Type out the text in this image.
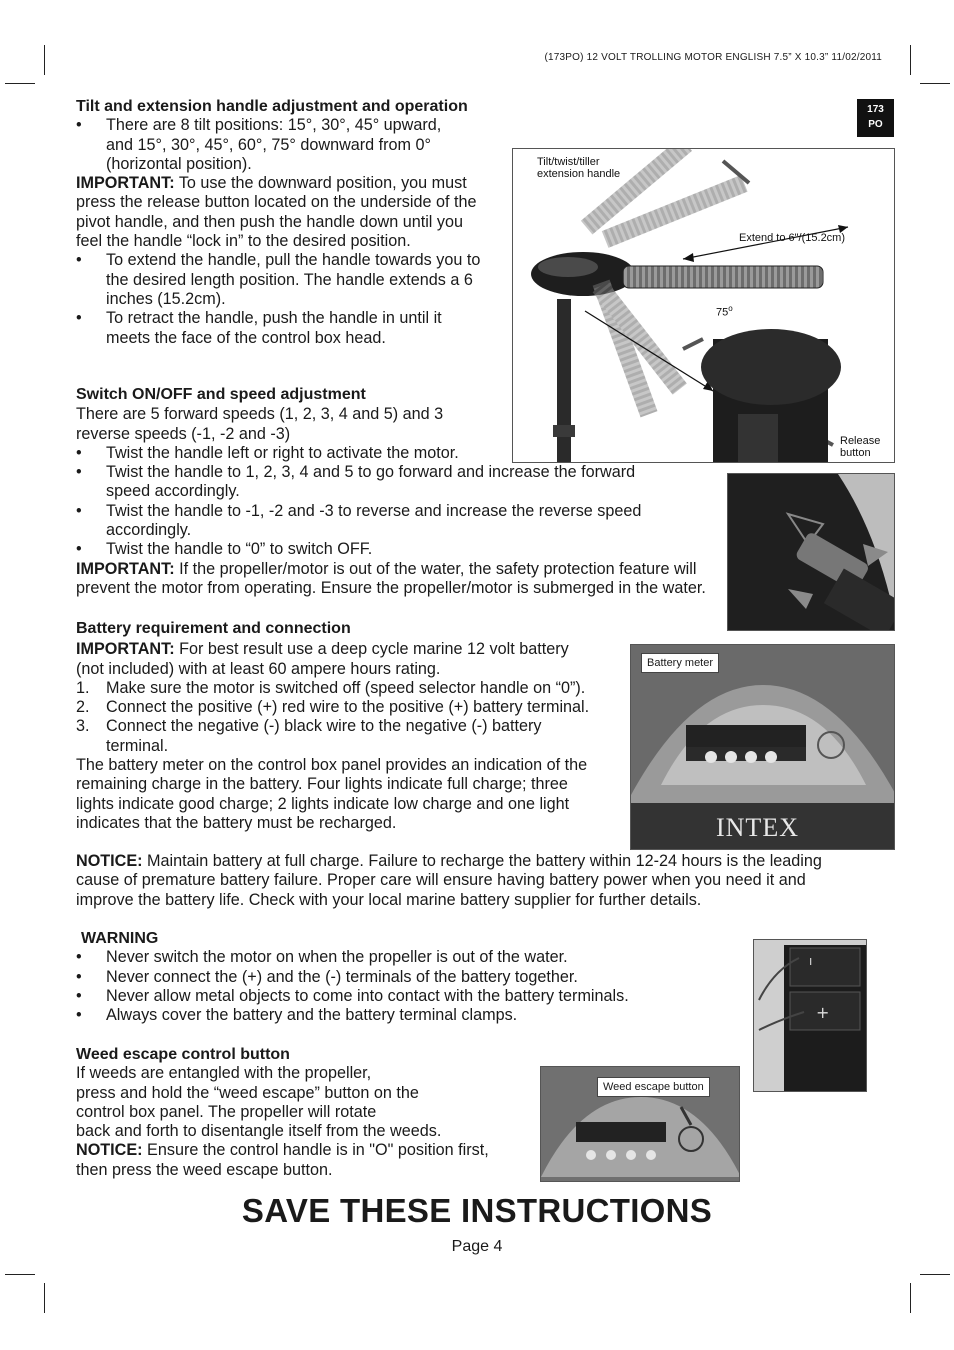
(173PO) 12 VOLT TROLLING MOTOR ENGLISH 7.5” X 10.3” 11/02/2011
173
PO
Tilt and extension handle adjustment and operation
• There are 8 tilt positions: 15°, 30°, 45° upward,
and 15°, 30°, 45°, 60°, 75° downward from 0°
(horizontal position).
IMPORTANT: To use the downward position, you must
press the release button located on the underside of the
pivot handle, and then push the handle down until you
feel the handle “lock in” to the desired position.
• To extend the handle, pull the handle towards you to
the desired length position. The handle extends a 6
inches (15.2cm).
• To retract the handle, push the handle in until it
meets the face of the control box head.
Tilt/twist/tiller
extension handle
Extend to 6"/(15.2cm)
75$^o$
Release
button
Switch ON/OFF and speed adjustment
There are 5 forward speeds (1, 2, 3, 4 and 5) and 3
reverse speeds (-1, -2 and -3)
• Twist the handle left or right to activate the motor.
• Twist the handle to 1, 2, 3, 4 and 5 to go forward and increase the forward
speed accordingly.
• Twist the handle to -1, -2 and -3 to reverse and increase the reverse speed
accordingly.
• Twist the handle to “0” to switch OFF.
IMPORTANT: If the propeller/motor is out of the water, the safety protection feature will
prevent the motor from operating. Ensure the propeller/motor is submerged in the water.
Battery requirement and connection
IMPORTANT: For best result use a deep cycle marine 12 volt battery
(not included) with at least 60 ampere hours rating.
1. Make sure the motor is switched off (speed selector handle on “0”).
2. Connect the positive (+) red wire to the positive (+) battery terminal.
3. Connect the negative (-) black wire to the negative (-) battery
terminal.
The battery meter on the control box panel provides an indication of the
remaining charge in the battery. Four lights indicate full charge; three
lights indicate good charge; 2 lights indicate low charge and one light
indicates that the battery must be recharged.
Battery meter
INTEX
NOTICE: Maintain battery at full charge. Failure to recharge the battery within 12-24 hours is the leading
cause of premature battery failure. Proper care will ensure having battery power when you need it and
improve the battery life. Check with your local marine battery supplier for further details.
WARNING
• Never switch the motor on when the propeller is out of the water.
• Never connect the (+) and the (-) terminals of the battery together.
• Never allow metal objects to come into contact with the battery terminals.
• Always cover the battery and the battery terminal clamps.
ı
+
Weed escape control button
If weeds are entangled with the propeller,
press and hold the “weed escape” button on the
control box panel. The propeller will rotate
back and forth to disentangle itself from the weeds.
NOTICE: Ensure the control handle is in "O" position first,
then press the weed escape button.
Weed escape button
SAVE THESE INSTRUCTIONS
Page 4
